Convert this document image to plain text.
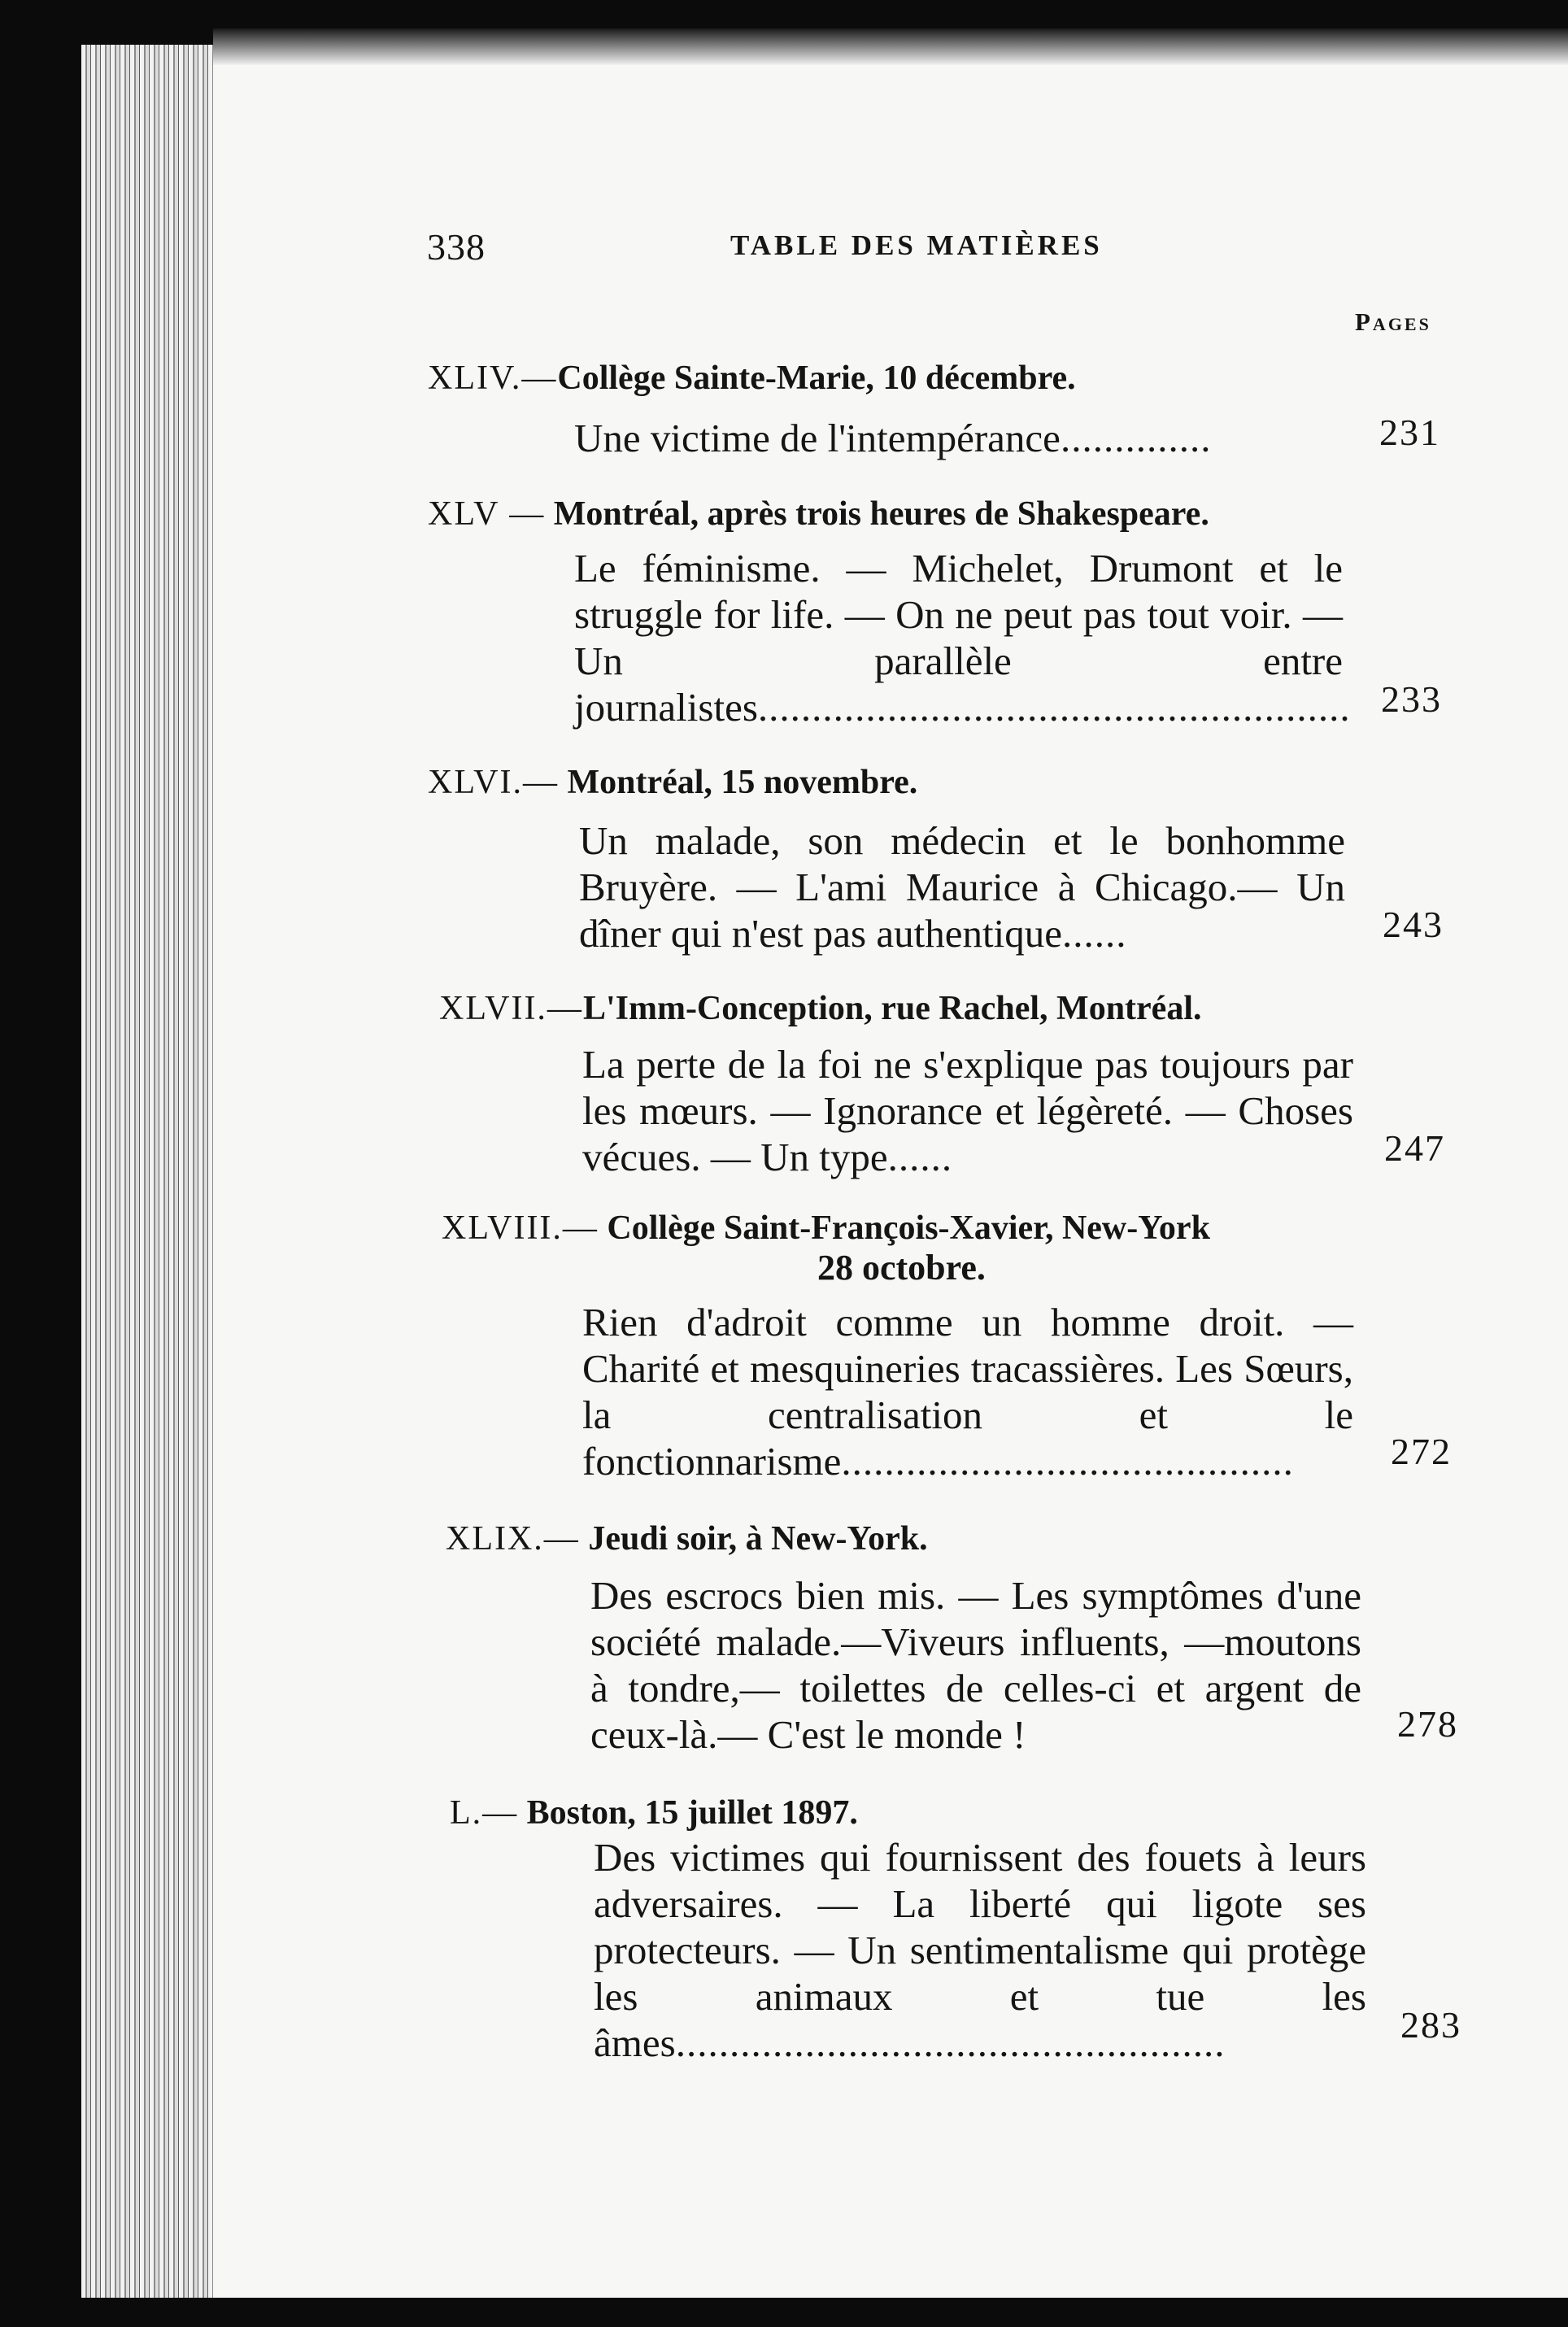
338	TABLE DES MATIÈRES
Pages
XLIV.—Collège Sainte-Marie, 10 décembre.
Une victime de l'intempérance..............	231
XLV — Montréal, après trois heures de Shakespeare.
Le féminisme. — Michelet, Drumont et le struggle for life. — On ne peut pas tout voir. — Un parallèle entre journalistes....................................................... 233
XLVI.— Montréal, 15 novembre.
Un malade, son médecin et le bonhomme Bruyère. — L'ami Maurice à Chicago.— Un dîner qui n'est pas authentique......	243
XLVII.—L'Imm-Conception, rue Rachel, Montréal.
La perte de la foi ne s'explique pas toujours par les mœurs. — Ignorance et légèreté. — Choses vécues. — Un type......	247
XLVIII.— Collège Saint-François-Xavier, New-York
28 octobre.
Rien d'adroit comme un homme droit. —Charité et mesquineries tracassières. Les Sœurs, la centralisation et le fonctionnarisme..........................................	272
XLIX.— Jeudi soir, à New-York.
Des escrocs bien mis. — Les symptômes d'une société malade.—Viveurs influents, —moutons à tondre,— toilettes de celles-ci et argent de ceux-là.— C'est le monde !	278
L.— Boston, 15 juillet 1897.
Des victimes qui fournissent des fouets à leurs adversaires. — La liberté qui ligote ses protecteurs. — Un sentimentalisme qui protège les animaux et tue les âmes...................................................	283
